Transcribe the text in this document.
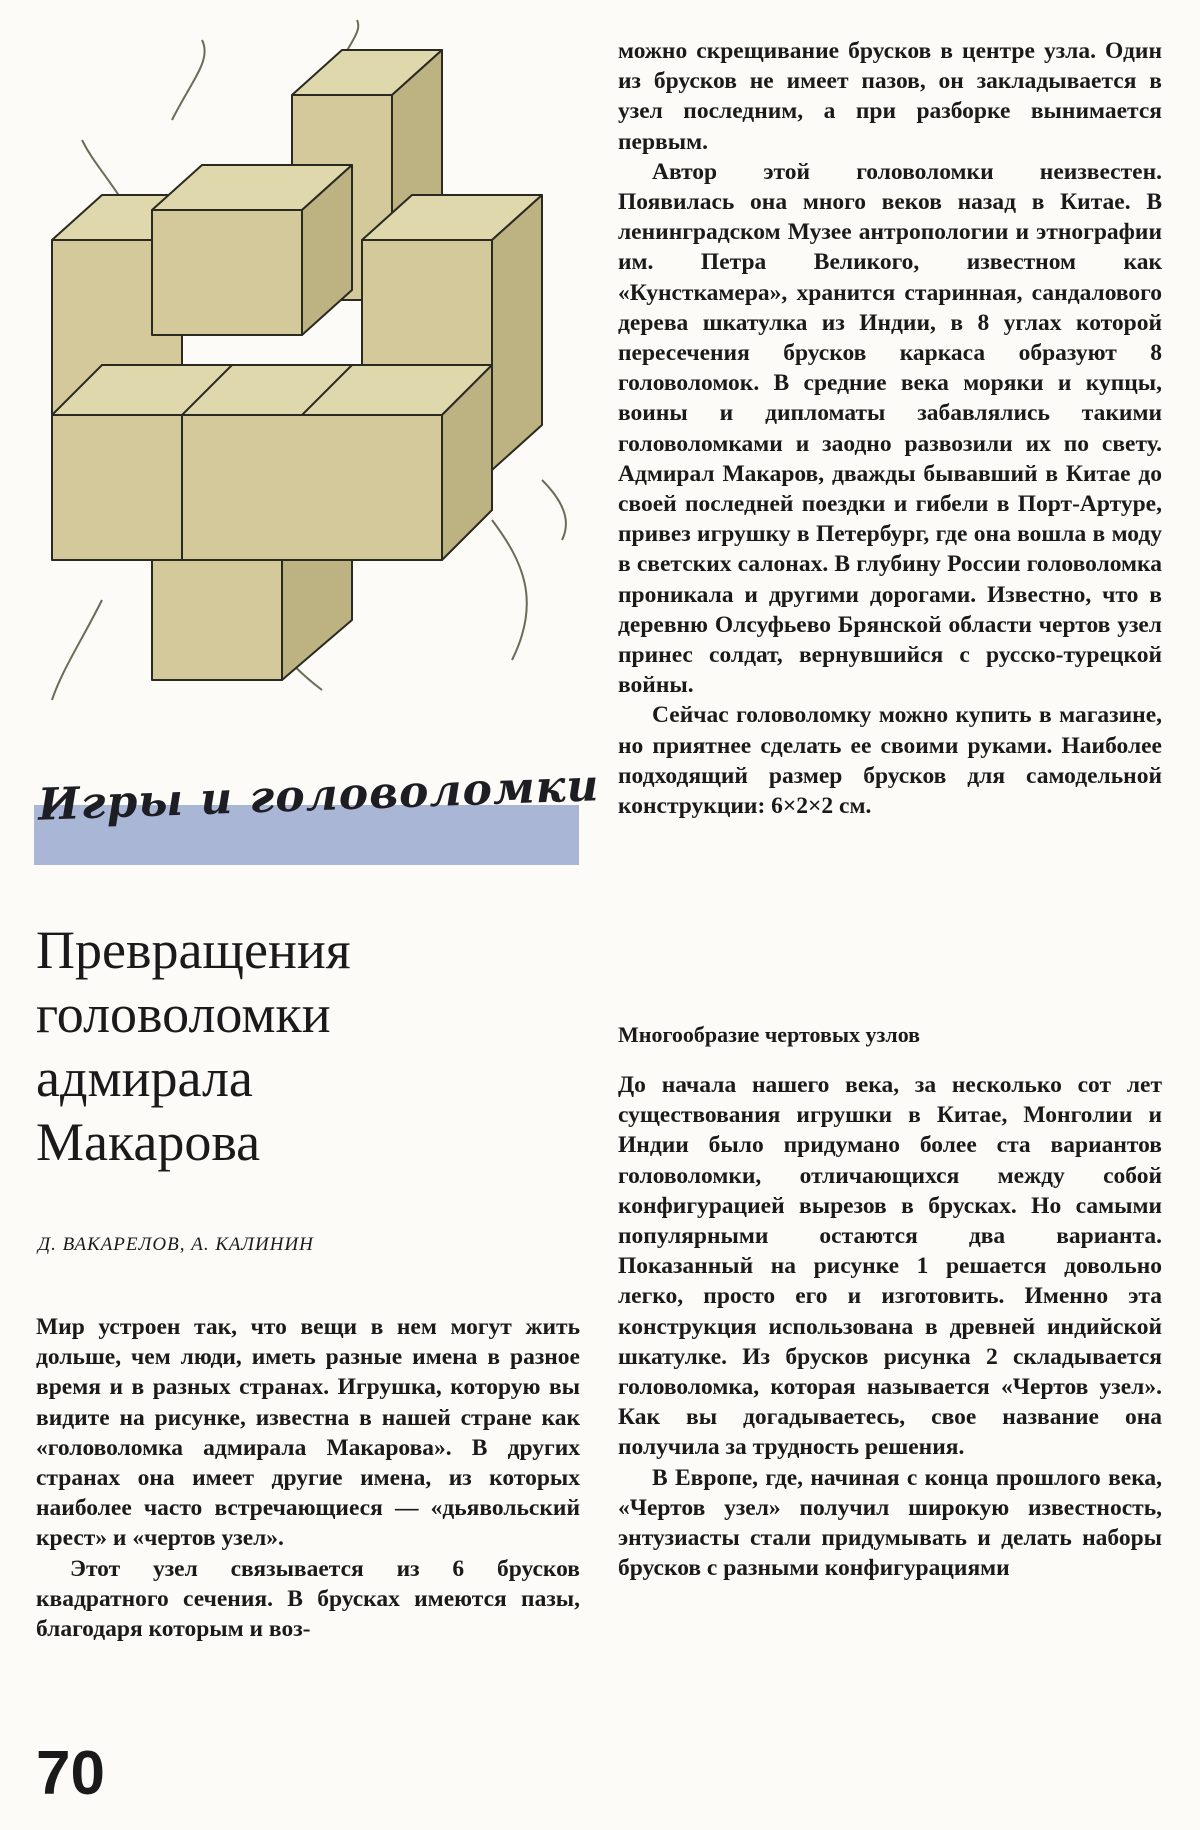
Игры и головоломки
Превращения
головоломки
адмирала
Макарова
Д. ВАКАРЕЛОВ, А. КАЛИНИН

Мир устроен так, что вещи в нем могут жить дольше, чем люди, иметь разные имена в разное время и в разных странах. Игрушка, которую вы видите на рисунке, известна в нашей стране как «головоломка адмирала Макарова». В других странах она имеет другие имена, из которых наиболее часто встречающиеся — «дьявольский крест» и «чертов узел».

Этот узел связывается из 6 брусков квадратного сечения. В брусках имеются пазы, благодаря которым и воз-

можно скрещивание брусков в центре узла. Один из брусков не имеет пазов, он закладывается в узел последним, а при разборке вынимается первым.

Автор этой головоломки неизвестен. Появилась она много веков назад в Китае. В ленинградском Музее антропологии и этнографии им. Петра Великого, известном как «Кунсткамера», хранится старинная, сандалового дерева шкатулка из Индии, в 8 углах которой пересечения брусков каркаса образуют 8 головоломок. В средние века моряки и купцы, воины и дипломаты забавлялись такими головоломками и заодно развозили их по свету. Адмирал Макаров, дважды бывавший в Китае до своей последней поездки и гибели в Порт-Артуре, привез игрушку в Петербург, где она вошла в моду в светских салонах. В глубину России головоломка проникала и другими дорогами. Известно, что в деревню Олсуфьево Брянской области чертов узел принес солдат, вернувшийся с русско-турецкой войны.

Сейчас головоломку можно купить в магазине, но приятнее сделать ее своими руками. Наиболее подходящий размер брусков для самодельной конструкции: 6×2×2 см.

Многообразие чертовых узлов

До начала нашего века, за несколько сот лет существования игрушки в Китае, Монголии и Индии было придумано более ста вариантов головоломки, отличающихся между собой конфигурацией вырезов в брусках. Но самыми популярными остаются два варианта. Показанный на рисунке 1 решается довольно легко, просто его и изготовить. Именно эта конструкция использована в древней индийской шкатулке. Из брусков рисунка 2 складывается головоломка, которая называется «Чертов узел». Как вы догадываетесь, свое название она получила за трудность решения.

В Европе, где, начиная с конца прошлого века, «Чертов узел» получил широкую известность, энтузиасты стали придумывать и делать наборы брусков с разными конфигурациями

70
